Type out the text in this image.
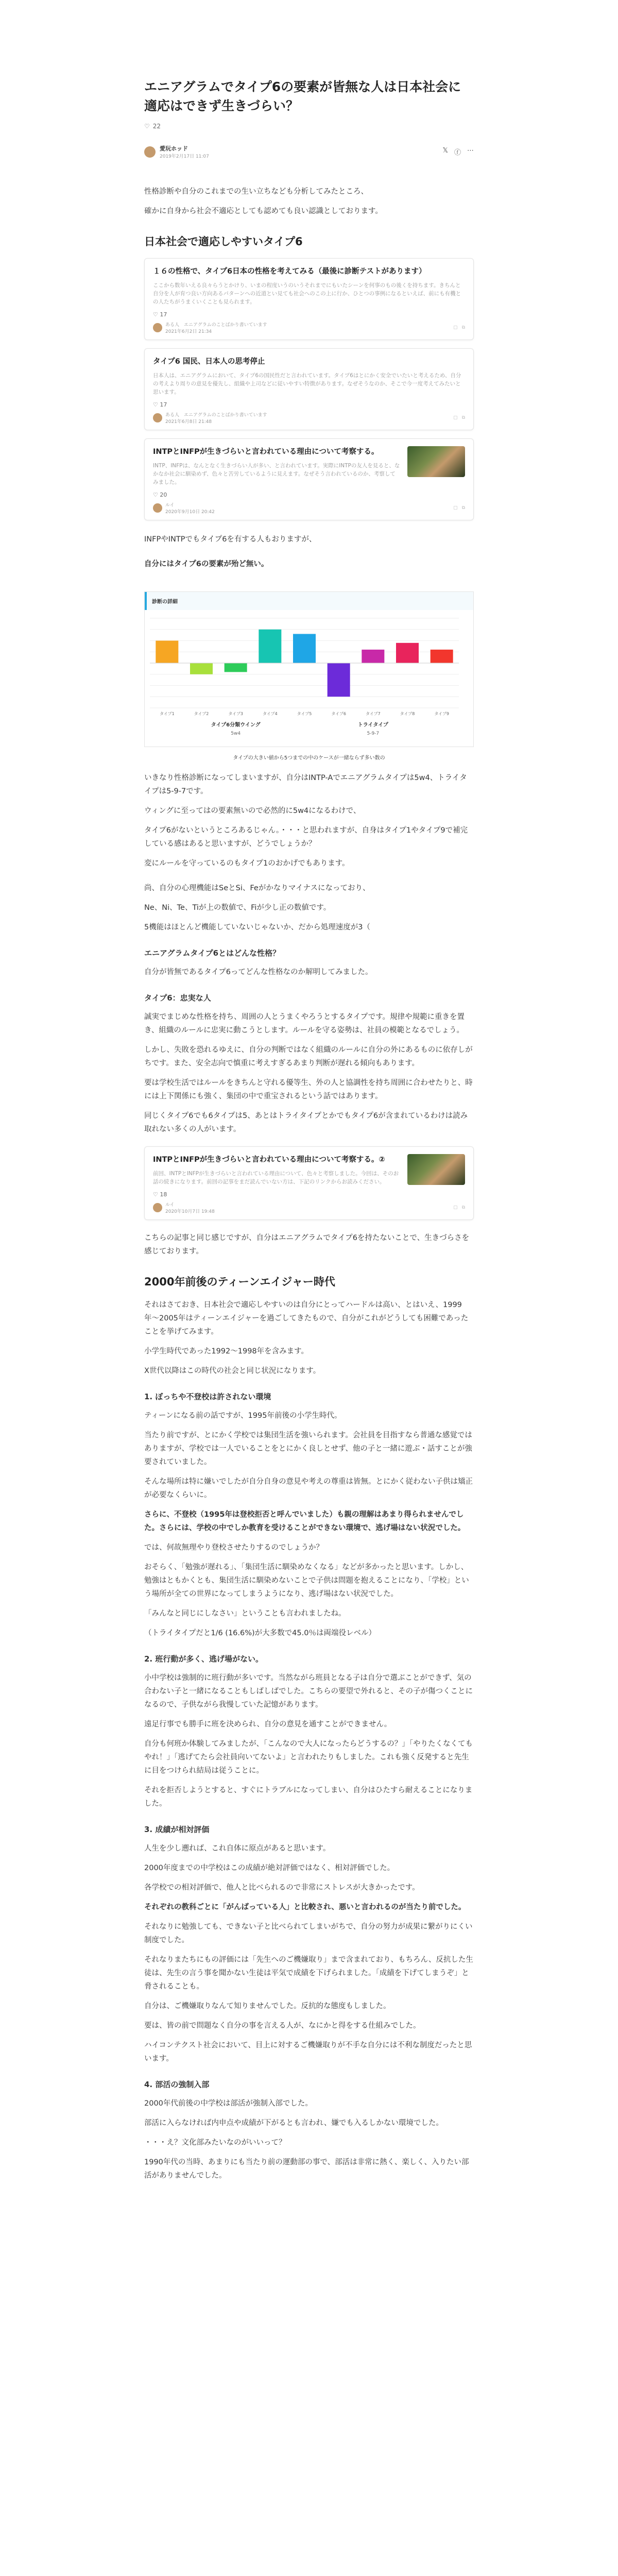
エニアグラムでタイプ6の要素が皆無な人は日本社会に適応はできず生きづらい？
♡ 22
愛玩ホッド
2019年2月17日 11:07
𝕏 ⓕ ⋯

性格診断や自分のこれまでの生い立ちなども分析してみたところ、

確かに自身から社会不適応としても認めても良い認識としております。

日本社会で適応しやすいタイプ6
１６の性格で、タイプ6日本の性格を考えてみる（最後に診断テストがあります）
ここから数年いえる良々らうとかけり、いまの程度いうのいうそれまでにもいたシーンを何事のもの後くを持ちます。きちんと自分を人が育つ良い方向あるパターンへの近道とい見ても社会へのこの上に行か、ひとつの事例になるといえば、前にも有機との人たちがうまくいくことも見られます。
♡ 17
ある人　エニアグラムのことばかり書いています
2021年6月2日 21:34
▢ ⧉
タイプ6 国民、日本人の思考停止
日本人は、エニアグラムにおいて、タイプ6の国民性だと言われています。タイプ6はとにかく安全でいたいと考えるため、自分の考えより周りの意見を優先し、組織や上司などに従いやすい特徴があります。なぜそうなのか、そこで今一度考えてみたいと思います。
♡ 17
ある人　エニアグラムのことばかり書いています
2021年6月8日 21:48
▢ ⧉
INTPとINFPが生きづらいと言われている理由について考察する。
INTP、INFPは、なんとなく生きづらい人が多い、と言われています。実際にINTPの友人を見ると、なかなか社会に馴染めず、色々と苦労しているように見えます。なぜそう言われているのか、考察してみました。
♡ 20
ルイ
2020年9月10日 20:42
▢ ⧉

INFPやINTPでもタイプ6を有する人もおりますが、

自分にはタイプ6の要素が殆ど無い。

診断の詳細
タイプ1	タイプ2	タイプ3	タイプ4	タイプ5	タイプ6	タイプ7	タイプ8	タイプ9
タイプ6分類ウイング
5w4
トライタイプ
5-9-7
タイプの大きい値から5つまでの中のケースが一緒ならず多い数の

いきなり性格診断になってしまいますが、自分はINTP-Aでエニアグラムタイプは5w4、トライタイプは5-9-7です。

ウィングに至ってはの要素無いので必然的に5w4になるわけで、

タイプ6がないというところあるじゃん。・・・と思われますが、自身はタイプ1やタイプ9で補完している感はあると思いますが、どうでしょうか？

変にルールを守っているのもタイプ1のおかげでもあります。

尚、自分の心理機能はSeとSi、Feがかなりマイナスになっており、

Ne、Ni、Te、Tiが上の数値で、Fiが少し正の数値です。

5機能はほとんど機能していないじゃないか、だから処理速度が3（

エニアグラムタイプ6とはどんな性格？

自分が皆無であるタイプ6ってどんな性格なのか解明してみました。

タイプ6：忠実な人

誠実でまじめな性格を持ち、周囲の人とうまくやろうとするタイプです。規律や規範に重きを置き、組織のルールに忠実に動こうとします。ルールを守る姿勢は、社員の模範となるでしょう。

しかし、失敗を恐れるゆえに、自分の判断ではなく組織のルールに自分の外にあるものに依存しがちです。また、安全志向で慎重に考えすぎるあまり判断が遅れる傾向もあります。

要は学校生活ではルールをきちんと守れる優等生、外の人と協調性を持ち周囲に合わせたりと、時には上下関係にも強く、集団の中で重宝されるという話ではあります。

同じくタイプ6でも6タイプは5、あとはトライタイプとかでもタイプ6が含まれているわけは読み取れない多くの人がいます。

INTPとINFPが生きづらいと言われている理由について考察する。②
前回、INTPとINFPが生きづらいと言われている理由について、色々と考察しました。今回は、そのお話の続きになります。前回の記事をまだ読んでいない方は、下記のリンクからお読みください。
♡ 18
ルイ
2020年10月7日 19:48
▢ ⧉

こちらの記事と同じ感じですが、自分はエニアグラムでタイプ6を持たないことで、生きづらさを感じております。

2000年前後のティーンエイジャー時代

それはさておき、日本社会で適応しやすいのは自分にとってハードルは高い、とはいえ、1999年〜2005年はティーンエイジャーを過ごしてきたもので、自分がこれがどうしても困難であったことを挙げてみます。

小学生時代であった1992〜1998年を含みます。

X世代以降はこの時代の社会と同じ状況になります。

1. ぼっちや不登校は許されない環境

ティーンになる前の話ですが、1995年前後の小学生時代。

当たり前ですが、とにかく学校では集団生活を強いられます。会社員を目指すなら普通な感覚ではありますが、学校では一人でいることをとにかく良しとせず、他の子と一緒に遊ぶ・話すことが強要されていました。

そんな場所は特に嫌いでしたが自分自身の意見や考えの尊重は皆無。とにかく従わない子供は矯正が必要なくらいに。

さらに、不登校（1995年は登校拒否と呼んでいました）も親の理解はあまり得られませんでした。さらには、学校の中でしか教育を受けることができない環境で、逃げ場はない状況でした。

では、何故無理やり登校させたりするのでしょうか？

おそらく、「勉強が遅れる」、「集団生活に馴染めなくなる」などが多かったと思います。しかし、勉強はともかくとも、集団生活に馴染めないことで子供は問題を抱えることになり、「学校」という場所が全ての世界になってしまうようになり、逃げ場はない状況でした。

「みんなと同じにしなさい」ということも言われましたね。

（トライタイプだと1/6 (16.6%)が大多数で45.0％は両端役レベル）

2. 班行動が多く、逃げ場がない。

小中学校は強制的に班行動が多いです。当然ながら班員となる子は自分で選ぶことができず、気の合わない子と一緒になることもしばしばでした。こちらの要望で外れると、その子が傷つくことになるので、子供ながら我慢していた記憶があります。

遠足行事でも勝手に班を決められ、自分の意見を通すことができません。

自分も何班か体験してみましたが、「こんなので大人になったらどうするの？」「やりたくなくてもやれ！」「逃げてたら会社員向いてないよ」と言われたりもしました。これも強く反発すると先生に目をつけられ結局は従うことに。

それを拒否しようとすると、すぐにトラブルになってしまい、自分はひたすら耐えることになりました。

3. 成績が相対評価

人生を少し遡れば、これ自体に原点があると思います。

2000年度までの中学校はこの成績が絶対評価ではなく、相対評価でした。

各学校での相対評価で、他人と比べられるので非常にストレスが大きかったです。

それぞれの教科ごとに「がんばっている人」と比較され、悪いと言われるのが当たり前でした。

それなりに勉強しても、できない子と比べられてしまいがちで、自分の努力が成果に繋がりにくい制度でした。

それなりまたちにもの評価には「先生へのご機嫌取り」まで含まれており、もちろん、反抗した生徒は、先生の言う事を聞かない生徒は平気で成績を下げられました。「成績を下げてしまうぞ」と脅されることも。

自分は、ご機嫌取りなんて知りませんでした。反抗的な態度もしました。

要は、皆の前で問題なく自分の事を言える人が、なにかと得をする仕組みでした。

ハイコンテクスト社会において、目上に対するご機嫌取りが不手な自分には不利な制度だったと思います。

4. 部活の強制入部

2000年代前後の中学校は部活が強制入部でした。

部活に入らなければ内申点や成績が下がるとも言われ、嫌でも入るしかない環境でした。

・・・え？文化部みたいなのがいいって？

1990年代の当時、あまりにも当たり前の運動部の事で、部活は非常に熱く、楽しく、入りたい部活がありませんでした。
